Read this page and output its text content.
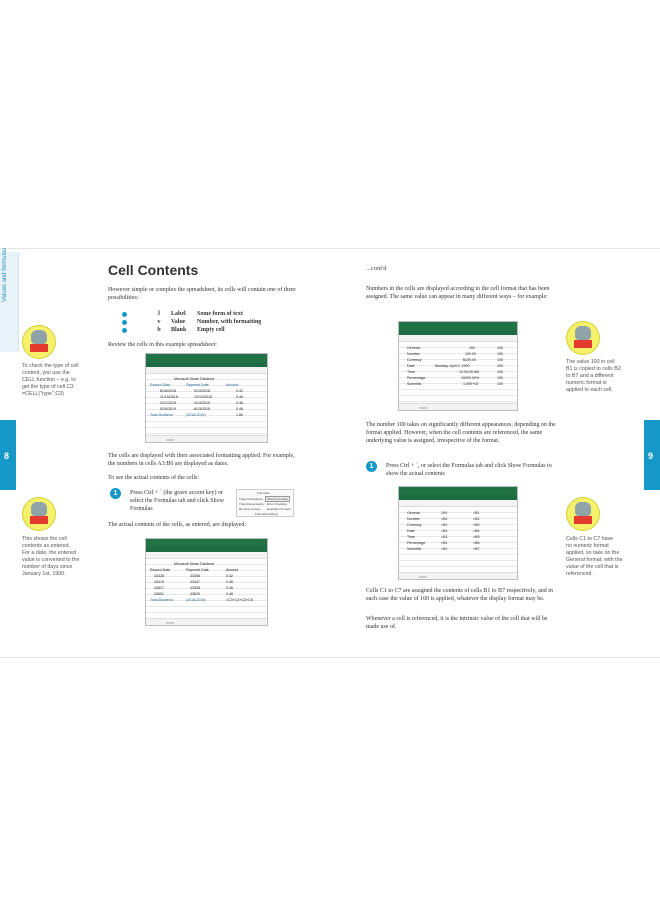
Values and formulas
8	9
Cell Contents
However simple or complex the spreadsheet, its cells will contain one of three possibilities:
l	Label	Some form of text
v	Value	Number, with formatting
b	Blank	Empty cell
Review the cells in this example spreadsheet:
To check the type of cell
content, you use the
CELL function – e.g. to
get the type of cell C3:
=CELL("type",C3)
Microsoft Share Dividend
Record Date	Payment Date	Amount
8/16/2018	9/13/2018	0.42
11/15/2018	12/13/2018	0.46
2/21/2019	3/14/2019	0.46
5/16/2019	6/13/2019	0.46
Total Dividend	(2018-2019)	1.80
The cells are displayed with their associated formatting applied. For example, the numbers in cells A3:B6 are displayed as dates.
To see the actual contents of the cells:
1	Press Ctrl + ` (the grave accent key) or select the Formulas tab and click Show Formulas
Formulas
Trace Precedents	Show Formulas
Trace Dependents Error Checking
Remove Arrows Evaluate Formula
Formula Auditing
The actual contents of the cells, as entered, are displayed:
This shows the cell
contents as entered.
For a date, the entered
value is converted to the
number of days since
January 1st, 1900.
Microsoft Share Dividend
Record Date	Payment Date	Amount
43328	43356	0.42
43419	43447	0.46
43517	43538	0.46
43601	43629	0.46
Total Dividend	(2018-2019)	=C3+C4+C5+C6
...cont'd
Numbers in the cells are displayed according to the cell format that has been assigned. The same value can appear in many different ways – for example:
General	100	100
Number	100.00	100
Currency	$100.00	100
Date	Monday, April 9, 1900	100
Time	12:00:00 AM	100
Percentage	10000.00%	100
Scientific	1.00E+02	100
The number 100 takes on significantly different appearances, depending on the format applied. However, when the cell contents are referenced, the same underlying value is assigned, irrespective of the format.
1	Press Ctrl + `, or select the Formulas tab and click Show Formulas to show the actual contents
General	100	=B1
Number	=B1	=B2
Currency	=B1	=B3
Date	=B1	=B4
Time	=B1	=B5
Percentage	=B1	=B6
Scientific	=B1	=B7
Cells C1 to C7 are assigned the contents of cells B1 to B7 respectively, and in each case the value of 100 is applied, whatever the display format may be.
Whenever a cell is referenced, it is the intrinsic value of the cell that will be made use of.
The value 100 in cell
B1 is copied to cells B2
to B7 and a different
numeric format is
applied to each cell.
Cells C1 to C7 have
no numeric format
applied, so take on the
General format, with the
value of the cell that is
referenced.
